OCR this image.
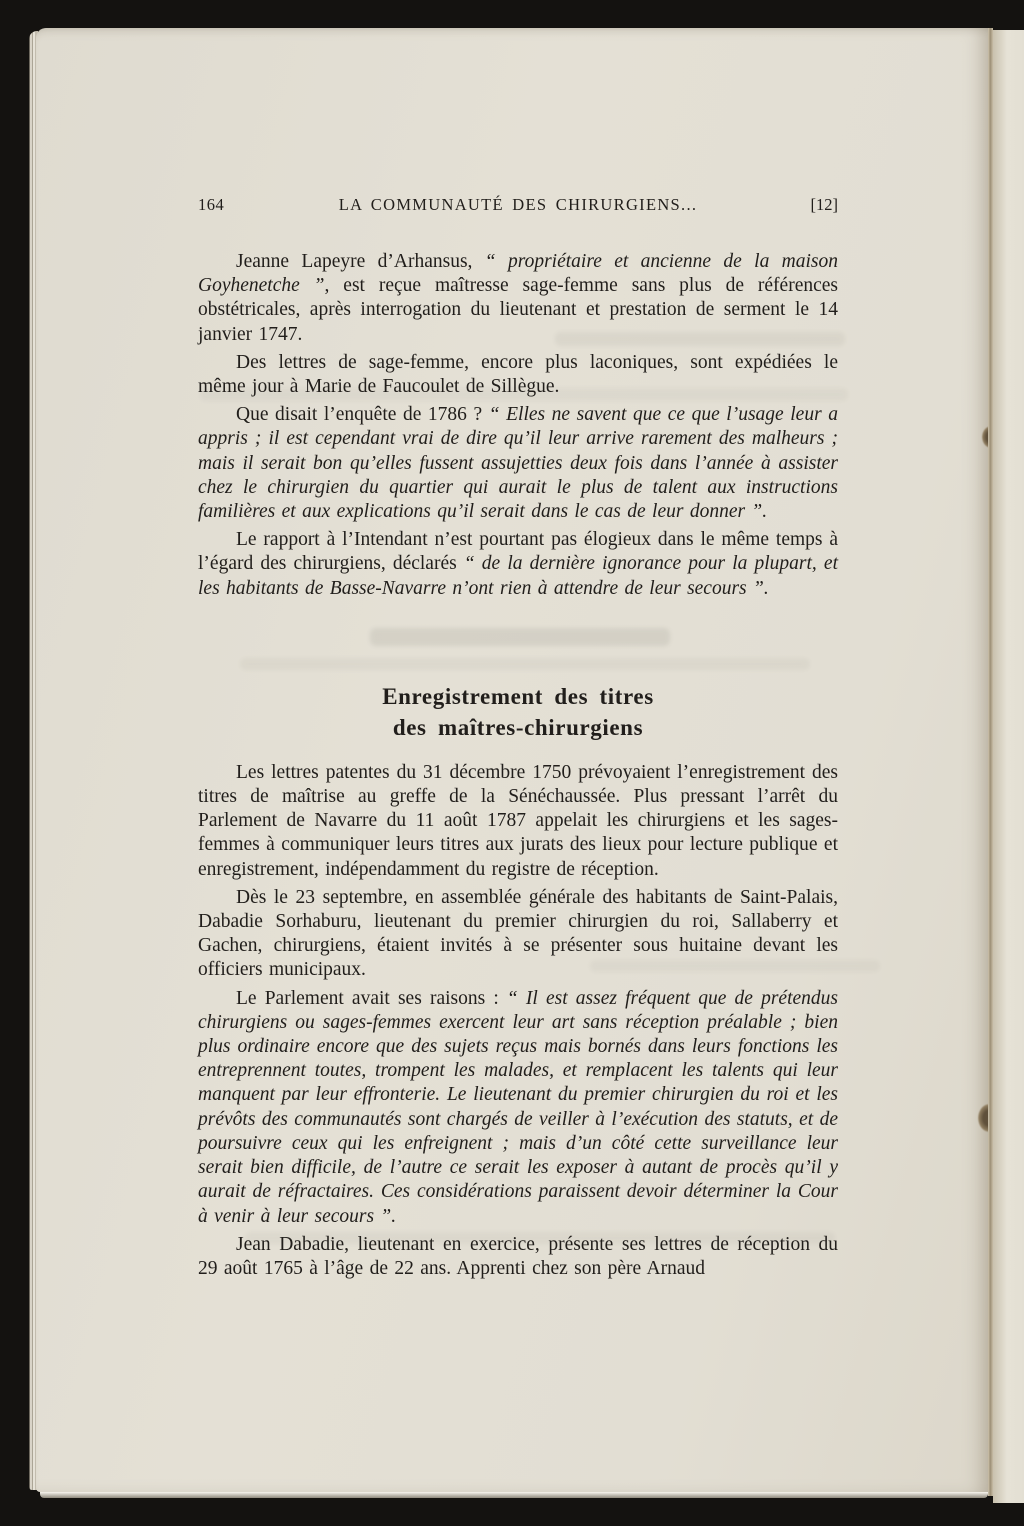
164	LA COMMUNAUTÉ DES CHIRURGIENS...	[12]

Jeanne Lapeyre d’Arhansus, “ propriétaire et ancienne de la maison Goyhenetche ”, est reçue maîtresse sage-femme sans plus de références obstétricales, après interrogation du lieutenant et prestation de serment le 14 janvier 1747.

Des lettres de sage-femme, encore plus laconiques, sont expédiées le même jour à Marie de Faucoulet de Sillègue.

Que disait l’enquête de 1786 ? “ Elles ne savent que ce que l’usage leur a appris ; il est cependant vrai de dire qu’il leur arrive rarement des malheurs ; mais il serait bon qu’elles fussent assujetties deux fois dans l’année à assister chez le chirurgien du quartier qui aurait le plus de talent aux instructions familières et aux explications qu’il serait dans le cas de leur donner ”.

Le rapport à l’Intendant n’est pourtant pas élogieux dans le même temps à l’égard des chirurgiens, déclarés “ de la dernière ignorance pour la plupart, et les habitants de Basse-Navarre n’ont rien à attendre de leur secours ”.

Enregistrement des titres
des maîtres-chirurgiens

Les lettres patentes du 31 décembre 1750 prévoyaient l’enregistrement des titres de maîtrise au greffe de la Sénéchaussée. Plus pressant l’arrêt du Parlement de Navarre du 11 août 1787 appelait les chirurgiens et les sages-femmes à communiquer leurs titres aux jurats des lieux pour lecture publique et enregistrement, indépendamment du registre de réception.

Dès le 23 septembre, en assemblée générale des habitants de Saint-Palais, Dabadie Sorhaburu, lieutenant du premier chirurgien du roi, Sallaberry et Gachen, chirurgiens, étaient invités à se présenter sous huitaine devant les officiers municipaux.

Le Parlement avait ses raisons : “ Il est assez fréquent que de prétendus chirurgiens ou sages-femmes exercent leur art sans réception préalable ; bien plus ordinaire encore que des sujets reçus mais bornés dans leurs fonctions les entreprennent toutes, trompent les malades, et remplacent les talents qui leur manquent par leur effronterie. Le lieutenant du premier chirurgien du roi et les prévôts des communautés sont chargés de veiller à l’exécution des statuts, et de poursuivre ceux qui les enfreignent ; mais d’un côté cette surveillance leur serait bien difficile, de l’autre ce serait les exposer à autant de procès qu’il y aurait de réfractaires. Ces considérations paraissent devoir déterminer la Cour à venir à leur secours ”.

Jean Dabadie, lieutenant en exercice, présente ses lettres de réception du 29 août 1765 à l’âge de 22 ans. Apprenti chez son père Arnaud
